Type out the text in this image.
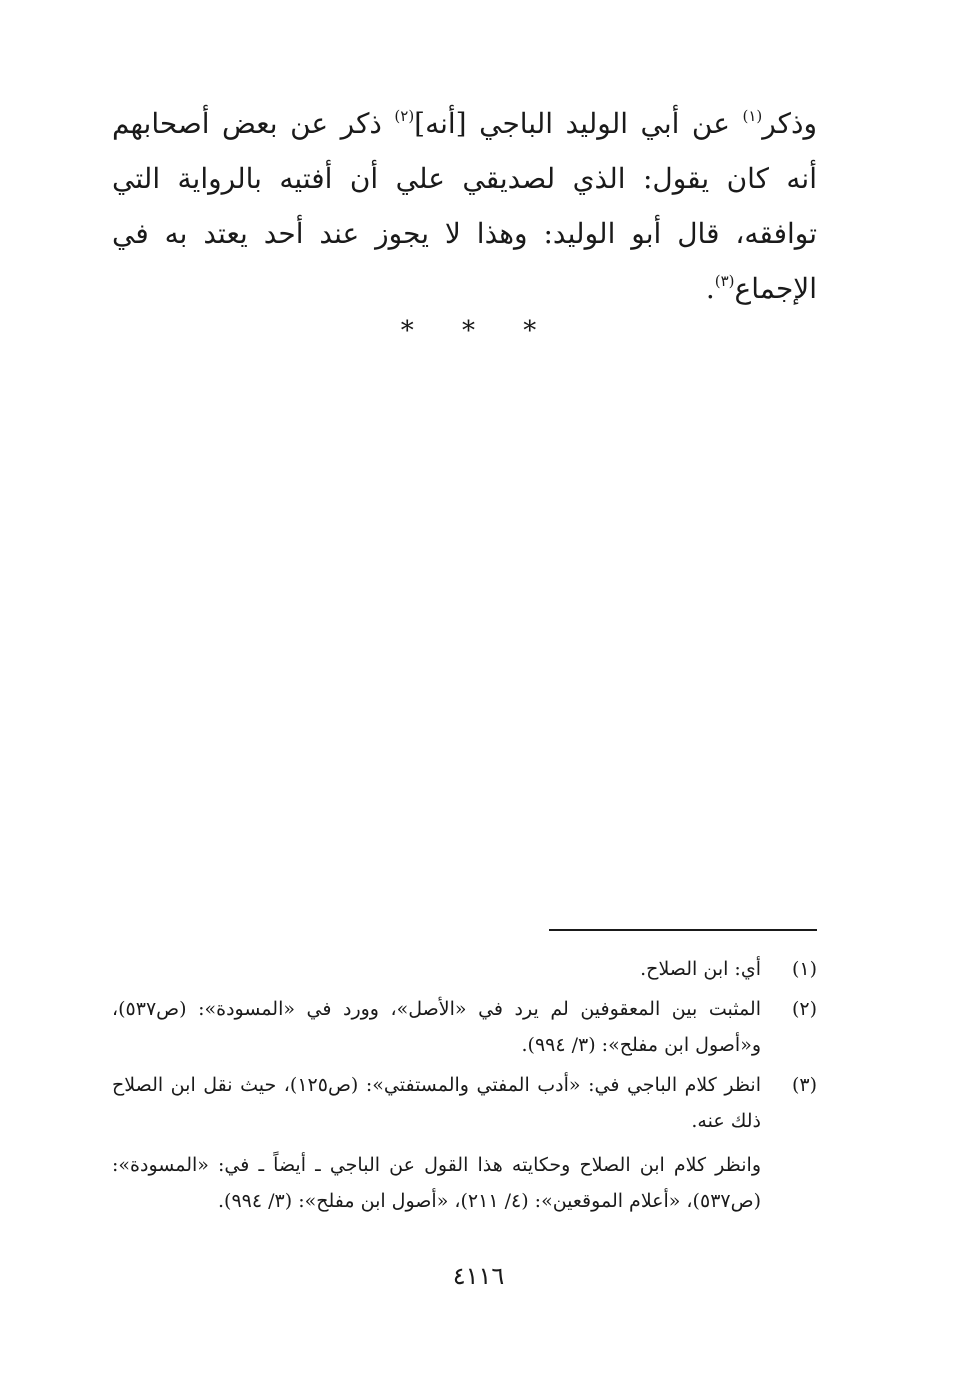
وذكر$^{(١)}$ عن أبي الوليد الباجي [أنه]$^{(٢)}$ ذكر عن بعض أصحابهم أنه كان يقول: الذي لصديقي علي أن أفتيه بالرواية التي توافقه، قال أبو الوليد: وهذا لا يجوز عند أحد يعتد به في الإجماع$^{(٣)}$.

* * *
(١)
أي: ابن الصلاح.
(٢)
المثبت بين المعقوفين لم يرد في «الأصل»، وورد في «المسودة»: (ص٥٣٧)، و«أصول ابن مفلح»: (٣/ ٩٩٤).
(٣)
انظر كلام الباجي في: «أدب المفتي والمستفتي»: (ص١٢٥)، حيث نقل ابن الصلاح ذلك عنه.
وانظر كلام ابن الصلاح وحكايته هذا القول عن الباجي ـ أيضاً ـ في: «المسودة»: (ص٥٣٧)، «أعلام الموقعين»: (٤/ ٢١١)، «أصول ابن مفلح»: (٣/ ٩٩٤).
٤١١٦
